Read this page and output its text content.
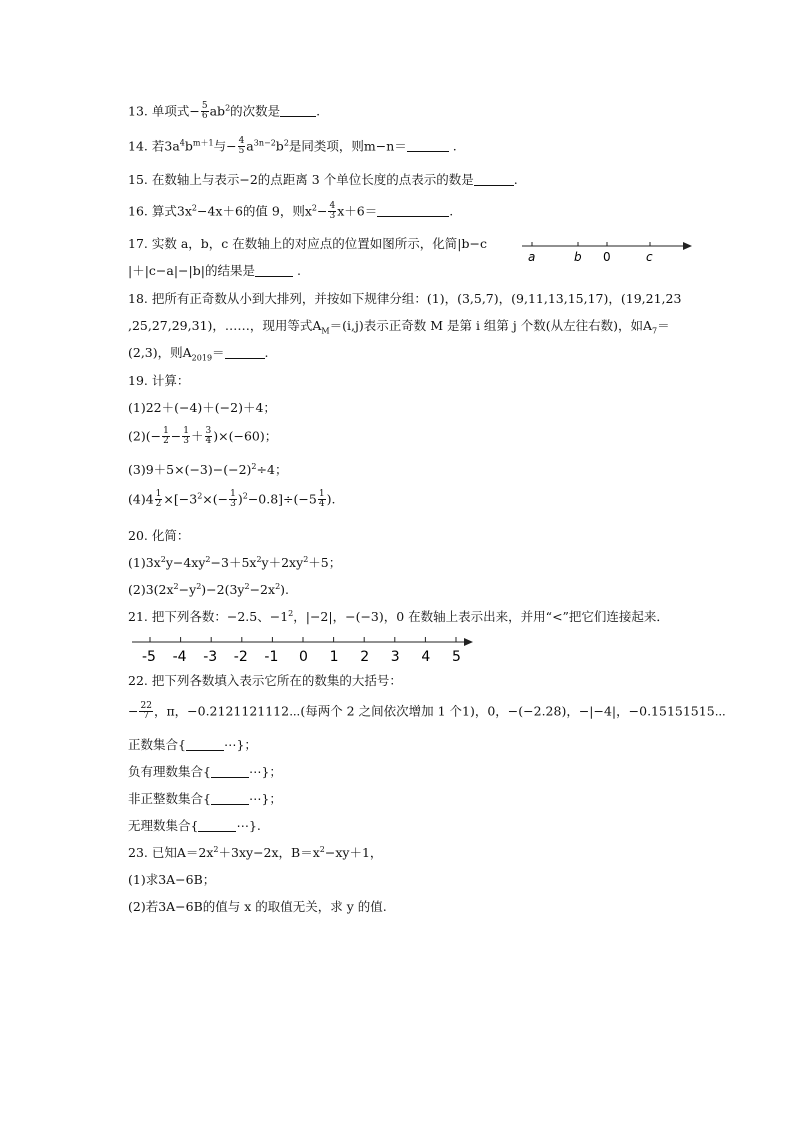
13. 单项式− $\frac{5}{6} ab^2$的次数是	.
14. 若$3a^4b^{m+1}$与− $\frac{4}{5} a^{3n-2}b^2$是同类项，则m−n＝	.
15. 在数轴上与表示−2的点距离 3 个单位长度的点表示的数是	.
16. 算式$3x^2-4x+6$的值 9，则$x^2- \frac{4}{3} x+6=$	.
17. 实数 a，b，c 在数轴上的对应点的位置如图所示，化简|b−c
|＋|c−a|−|b|的结果是	.
a	b 0	c
18. 把所有正奇数从小到大排列，并按如下规律分组：(1)，(3,5,7)，(9,11,13,15,17)，(19,21,23
,25,27,29,31)，……，现用等式$A_M=(i,j)$表示正奇数 M 是第 i 组第 j 个数(从左往右数)，如$A_7=$
(2,3)，则$A_{2019}=$	.
19. 计算：
(1)22＋(−4)＋(−2)＋4；
$(2)(- \frac{1}{2} - \frac{1}{3} + \frac{3}{4} )\times(-60)$；
$(3)9+5\times(-3)-(-2)^2\div 4$；
$(4)4 \frac{1}{2} \times[-3^2\times(- \frac{1}{3} )^2-0.8]\div(-5 \frac{1}{4}$ ).
20. 化简：
$(1)3x^2y-4xy^2-3+5x^2y+2xy^2+5$；
$(2)3(2x^2-y^2)-2(3y^2-2x^2)$.
21. 把下列各数：−2.5、$-1^2$，|−2|，−(−3)，0 在数轴上表示出来，并用“<”把它们连接起来．
-5 -4 -3 -2 -1 0 1 2 3 4 5
22. 把下列各数填入表示它所在的数集的大括号：
− $\frac{22}{7}$ ，π，−0.2121121112⋯(每两个 2 之间依次增加 1 个1)，0，−(−2.28)，−|−4|，−0.15151515⋯
正数集合{	⋯}；
负有理数集合{	⋯}；
非正整数集合{	⋯}；
无理数集合{	⋯}.
23. 已知$A=2x^2+3xy-2x$，$B=x^2-xy+1$，
(1)求3A−6B；
(2)若3A−6B的值与 x 的取值无关，求 y 的值.
